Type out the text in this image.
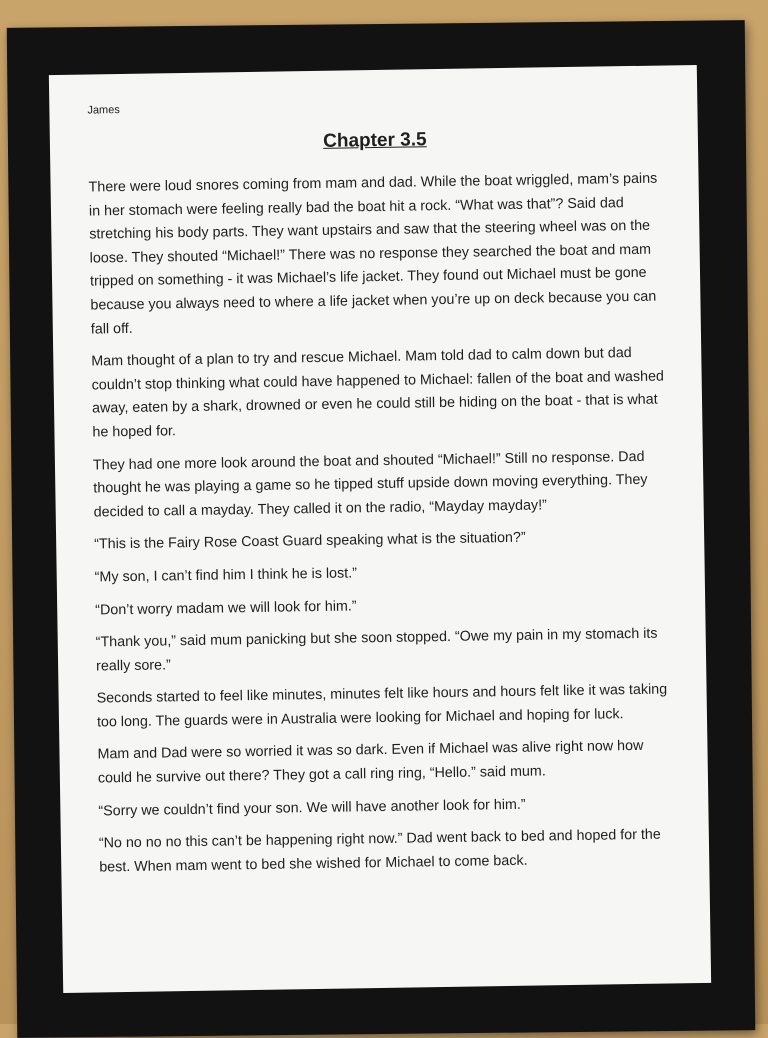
James
Chapter 3.5

There were loud snores coming from mam and dad. While the boat wriggled, mam’s pains in her stomach were feeling really bad the boat hit a rock. “What was that”? Said dad stretching his body parts. They want upstairs and saw that the steering wheel was on the loose. They shouted “Michael!” There was no response they searched the boat and mam tripped on something - it was Michael’s life jacket. They found out Michael must be gone because you always need to where a life jacket when you’re up on deck because you can fall off.

Mam thought of a plan to try and rescue Michael. Mam told dad to calm down but dad couldn’t stop thinking what could have happened to Michael: fallen of the boat and washed away, eaten by a shark, drowned or even he could still be hiding on the boat - that is what he hoped for.

They had one more look around the boat and shouted “Michael!” Still no response. Dad thought he was playing a game so he tipped stuff upside down moving everything. They decided to call a mayday. They called it on the radio, “Mayday mayday!”

“This is the Fairy Rose Coast Guard speaking what is the situation?”

“My son, I can’t find him I think he is lost.”

“Don’t worry madam we will look for him.”

“Thank you,” said mum panicking but she soon stopped. “Owe my pain in my stomach its really sore.”

Seconds started to feel like minutes, minutes felt like hours and hours felt like it was taking too long. The guards were in Australia were looking for Michael and hoping for luck.

Mam and Dad were so worried it was so dark. Even if Michael was alive right now how could he survive out there? They got a call ring ring, “Hello.” said mum.

“Sorry we couldn’t find your son. We will have another look for him.”

“No no no no this can’t be happening right now.” Dad went back to bed and hoped for the best. When mam went to bed she wished for Michael to come back.
